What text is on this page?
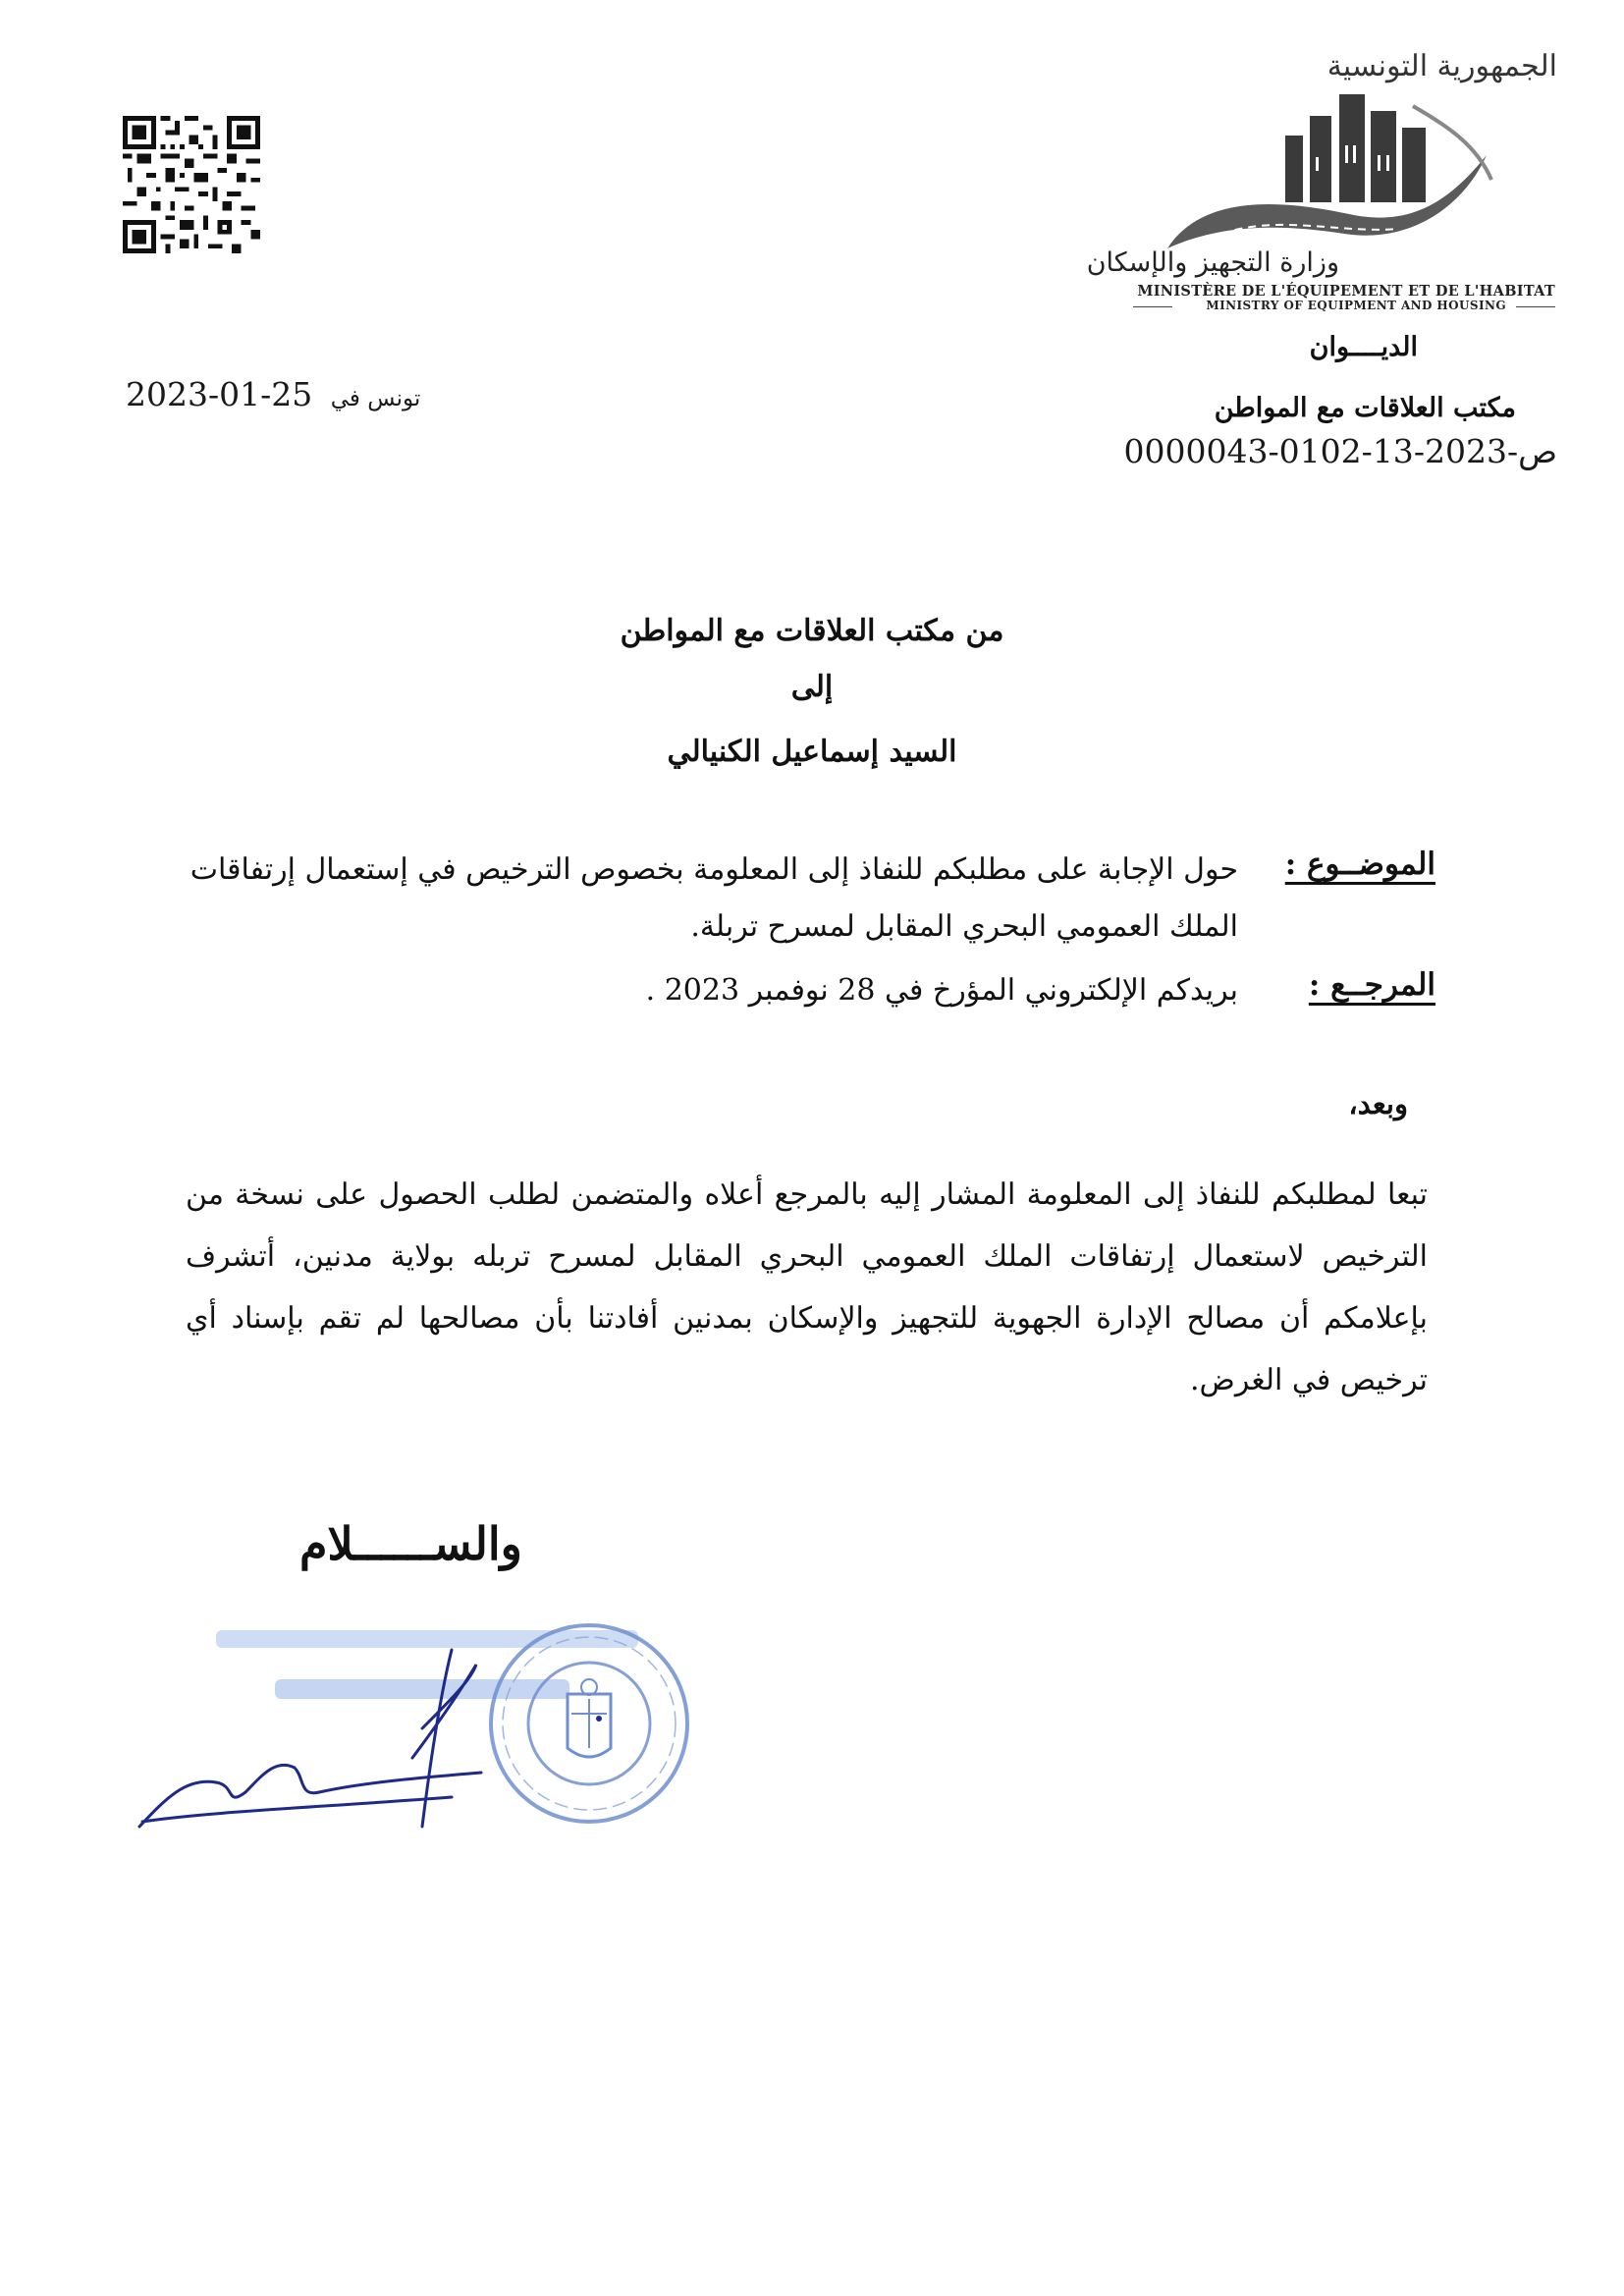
الجمهورية التونسية
وزارة التجهيز والإسكان
MINISTÈRE DE L'ÉQUIPEMENT ET DE L'HABITAT
MINISTRY OF EQUIPMENT AND HOUSING
الديــــوان
مكتب العلاقات مع المواطن
ص-2023-13-0102-0000043
2023-01-25 تونس في
من مكتب العلاقات مع المواطن
إلى
السيد إسماعيل الكنيالي
الموضــوع :
حول الإجابة على مطلبكم للنفاذ إلى المعلومة بخصوص الترخيص في إستعمال إرتفاقات
الملك العمومي البحري المقابل لمسرح تربلة.
المرجــع :
بريدكم الإلكتروني المؤرخ في 28 نوفمبر 2023 .
وبعد،
تبعا لمطلبكم للنفاذ إلى المعلومة المشار إليه بالمرجع أعلاه والمتضمن لطلب الحصول على نسخة من الترخيص لاستعمال إرتفاقات الملك العمومي البحري المقابل لمسرح تربله بولاية مدنين، أتشرف بإعلامكم أن مصالح الإدارة الجهوية للتجهيز والإسكان بمدنين أفادتنا بأن مصالحها لم تقم بإسناد أي ترخيص في الغرض.
والســــــلام
